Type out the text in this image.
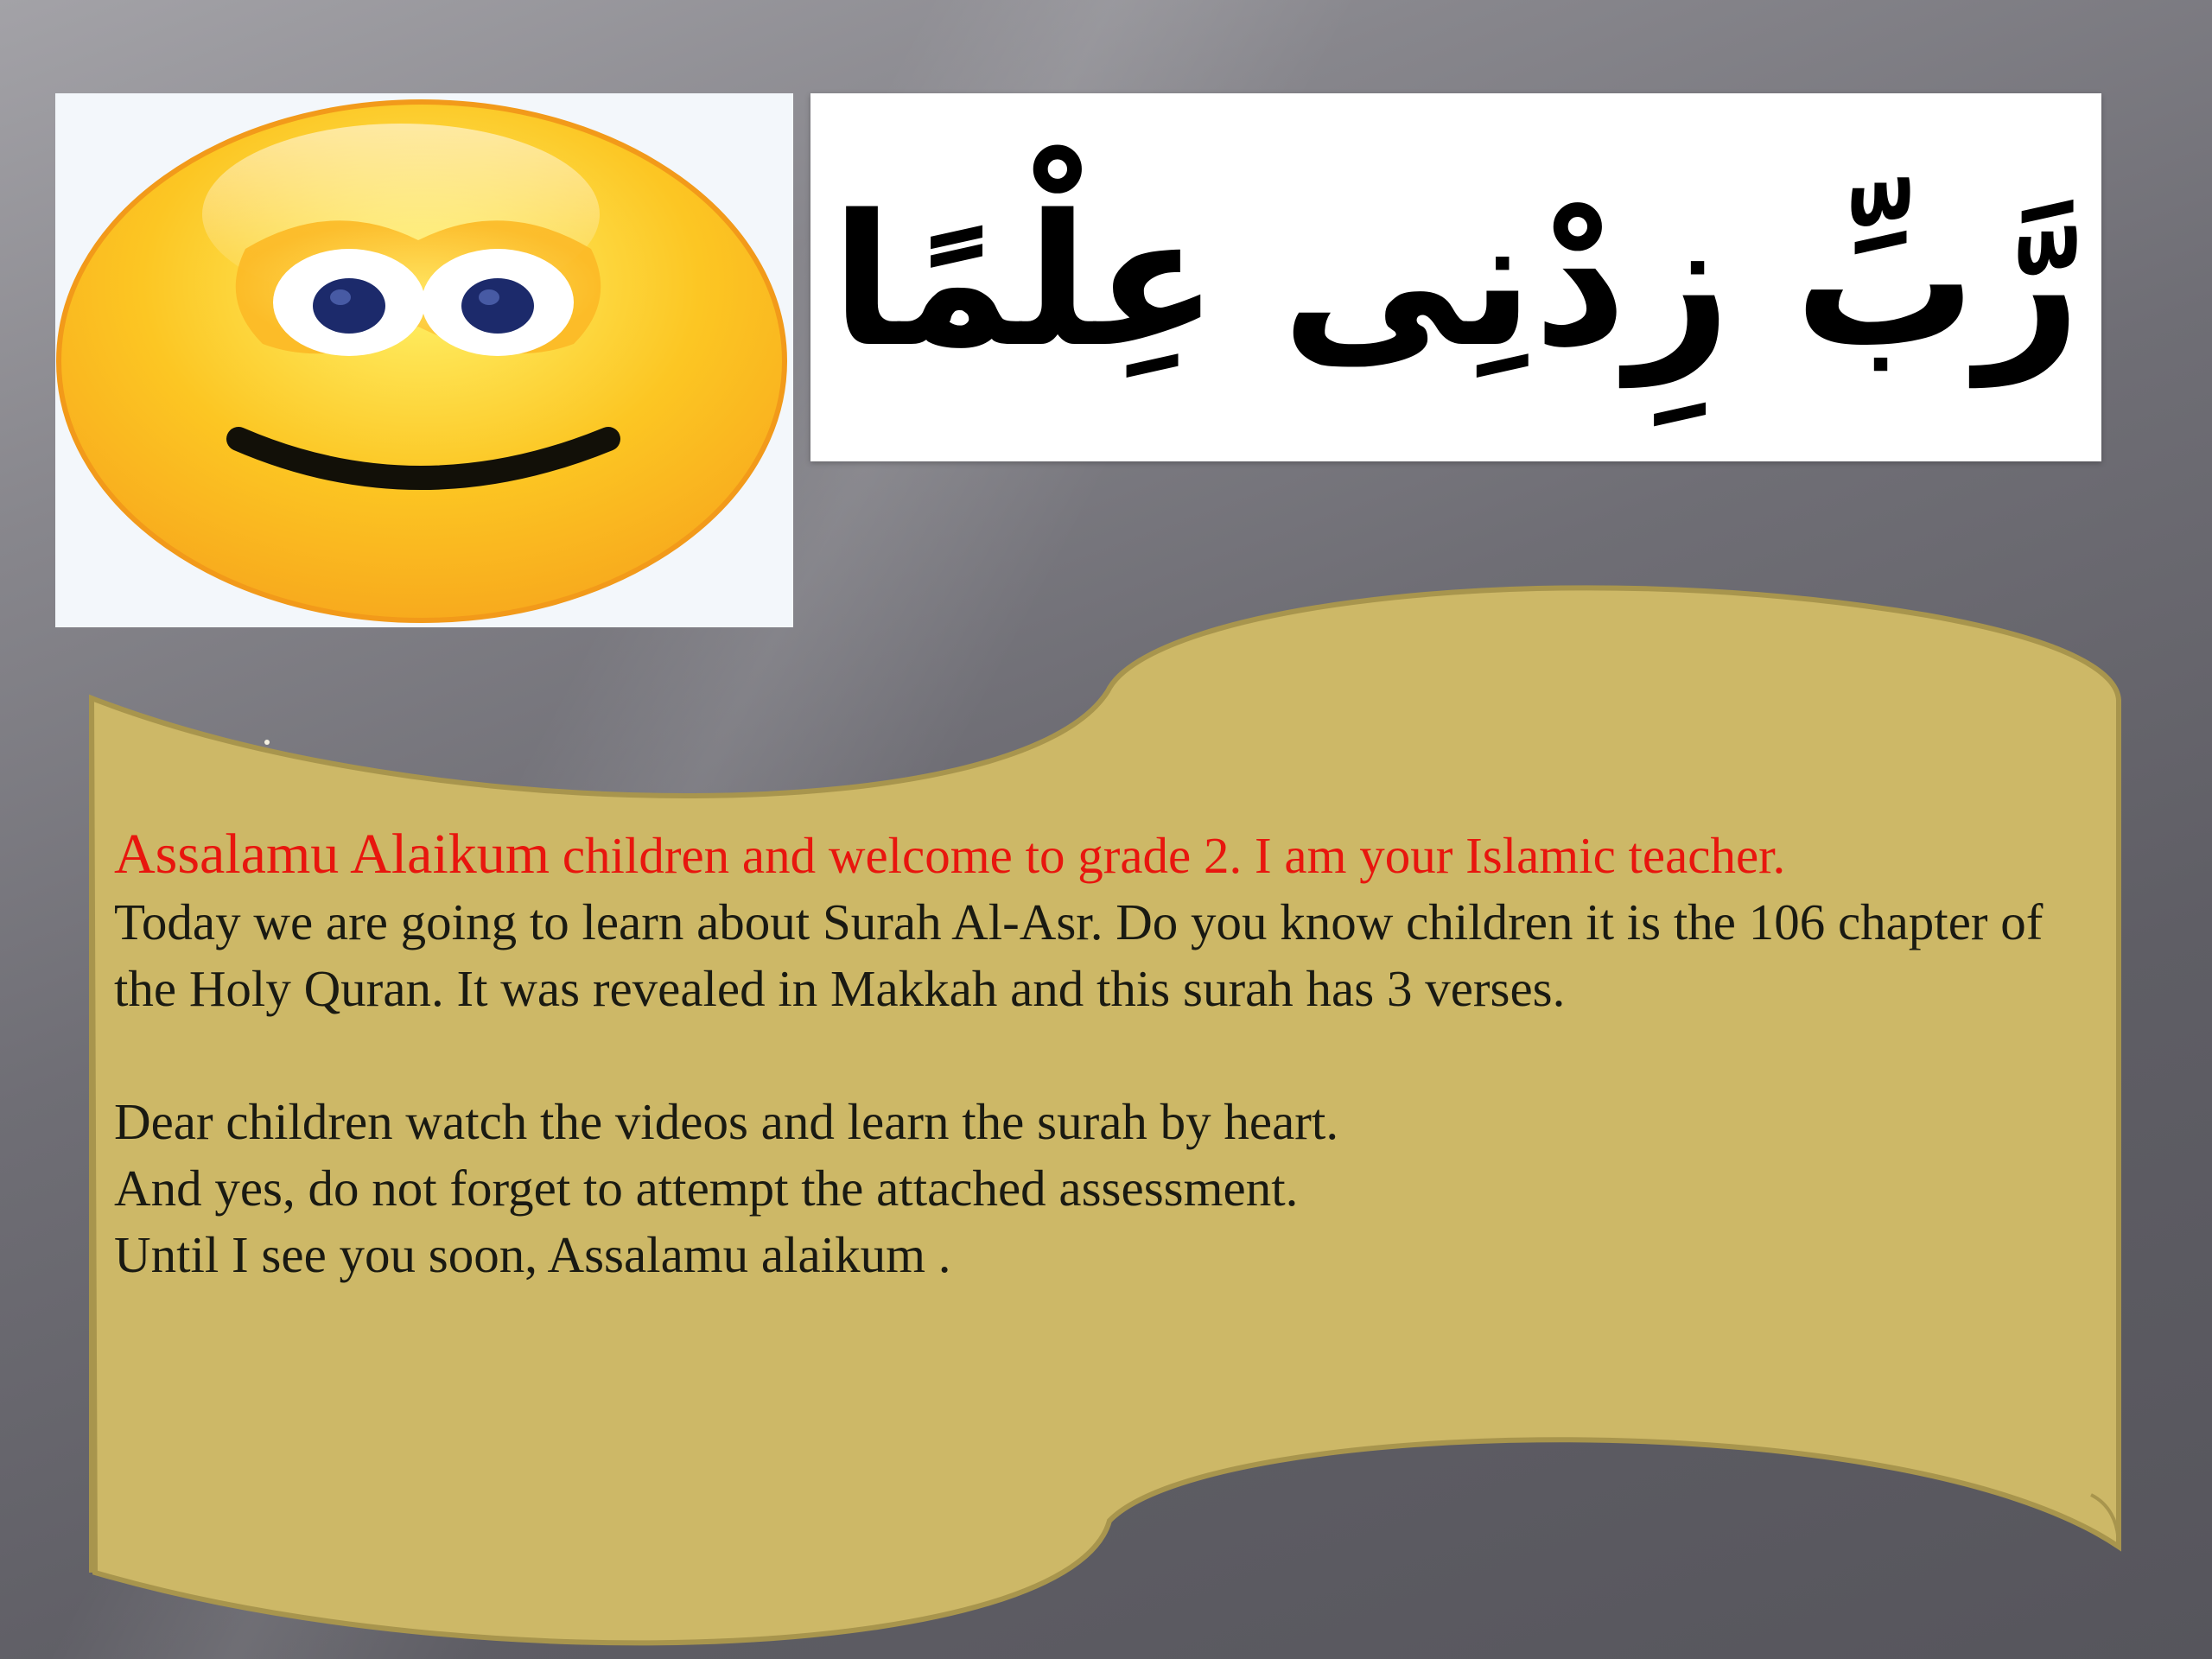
رَّبِّ زِدْنِى عِلْمًا

Assalamu Alaikum children and welcome to grade 2. I am your Islamic teacher.

Today we are going to learn about Surah Al-Asr. Do you know children it is the 106 chapter of the Holy Quran. It was revealed in Makkah and this surah has 3 verses.

Dear children watch the videos and learn the surah by heart.

And yes, do not forget to attempt the attached assessment.

Until I see you soon, Assalamu alaikum .
